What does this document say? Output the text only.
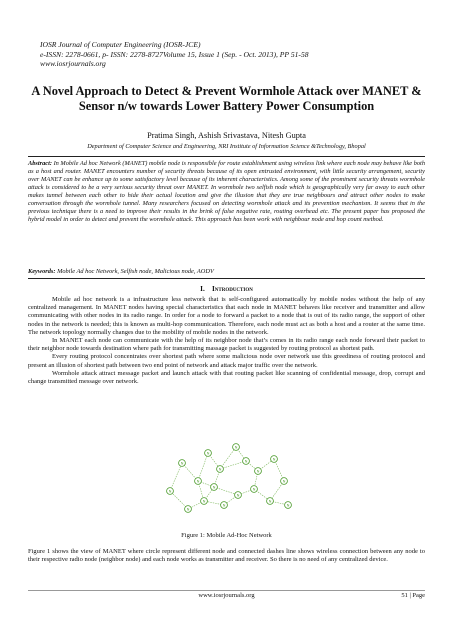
IOSR Journal of Computer Engineering (IOSR-JCE)
e-ISSN: 2278-0661, p- ISSN: 2278-8727Volume 15, Issue 1 (Sep. - Oct. 2013), PP 51-58
www.iosrjournals.org
A Novel Approach to Detect & Prevent Wormhole Attack over MANET & Sensor n/w towards Lower Battery Power Consumption
Pratima Singh, Ashish Srivastava, Nitesh Gupta
Department of Computer Science and Engineering, NRI Institute of Information Science &Technology, Bhopal
Abstract: In Mobile Ad hoc Network (MANET) mobile node is responsible for route establishment using wireless link where each node may behave like both as a host and router. MANET encounters number of security threats because of its open entrusted environment, with little security arrangement, security over MANET can be enhance up to some satisfactory level because of its inherent characteristics. Among some of the prominent security threats wormhole attack is considered to be a very serious security threat over MANET. In wormhole two selfish node which is geographically very far away to each other makes tunnel between each other to hide their actual location and give the illusion that they are true neighbours and attract other nodes to make conversation through the wormhole tunnel. Many researchers focused on detecting wormhole attack and its prevention mechanism. It seems that in the previous technique there is a need to improve their results in the brink of false negative rate, routing overhead etc. The present paper has proposed the hybrid model in order to detect and prevent the wormhole attack. This approach has been work with neighbour node and hop count method.
Keywords: Mobile Ad hoc Network, Selfish node, Malicious node, AODV
I. Introduction

Mobile ad hoc network is a infrastructure less network that is self-configured automatically by mobile nodes without the help of any centralized management. In MANET nodes having special characteristics that each node in MANET behaves like receiver and transmitter and allow communicating with other nodes in its radio range. In order for a node to forward a packet to a node that is out of its radio range, the support of other nodes in the network is needed; this is known as multi-hop communication. Therefore, each node must act as both a host and a router at the same time. The network topology normally changes due to the mobility of mobile nodes in the network.

In MANET each node can communicate with the help of its neighbor node that’s comes in its radio range each node forward their packet to their neighbor node towards destination where path for transmitting massage packet is suggested by routing protocol as shortest path.

Every routing protocol concentrates over shortest path where some malicious node over network use this greediness of routing protocol and present an illusion of shortest path between two end point of network and attack major traffic over the network.

Wormhole attack attract message packet and launch attack with that routing packet like scanning of confidential message, drop, corrupt and change transmitted message over network.

N
N
N
N
N
N
N
N
N
N
N
N
N
N
N
N
N
N
Figure 1: Mobile Ad-Hoc Network
Figure 1 shows the view of MANET where circle represent different node and connected dashes line shows wireless connection between any node to their respective radio node (neighbor node) and each node works as transmitter and receiver. So there is no need of any centralized device.
www.iosrjournals.org	51 | Page
